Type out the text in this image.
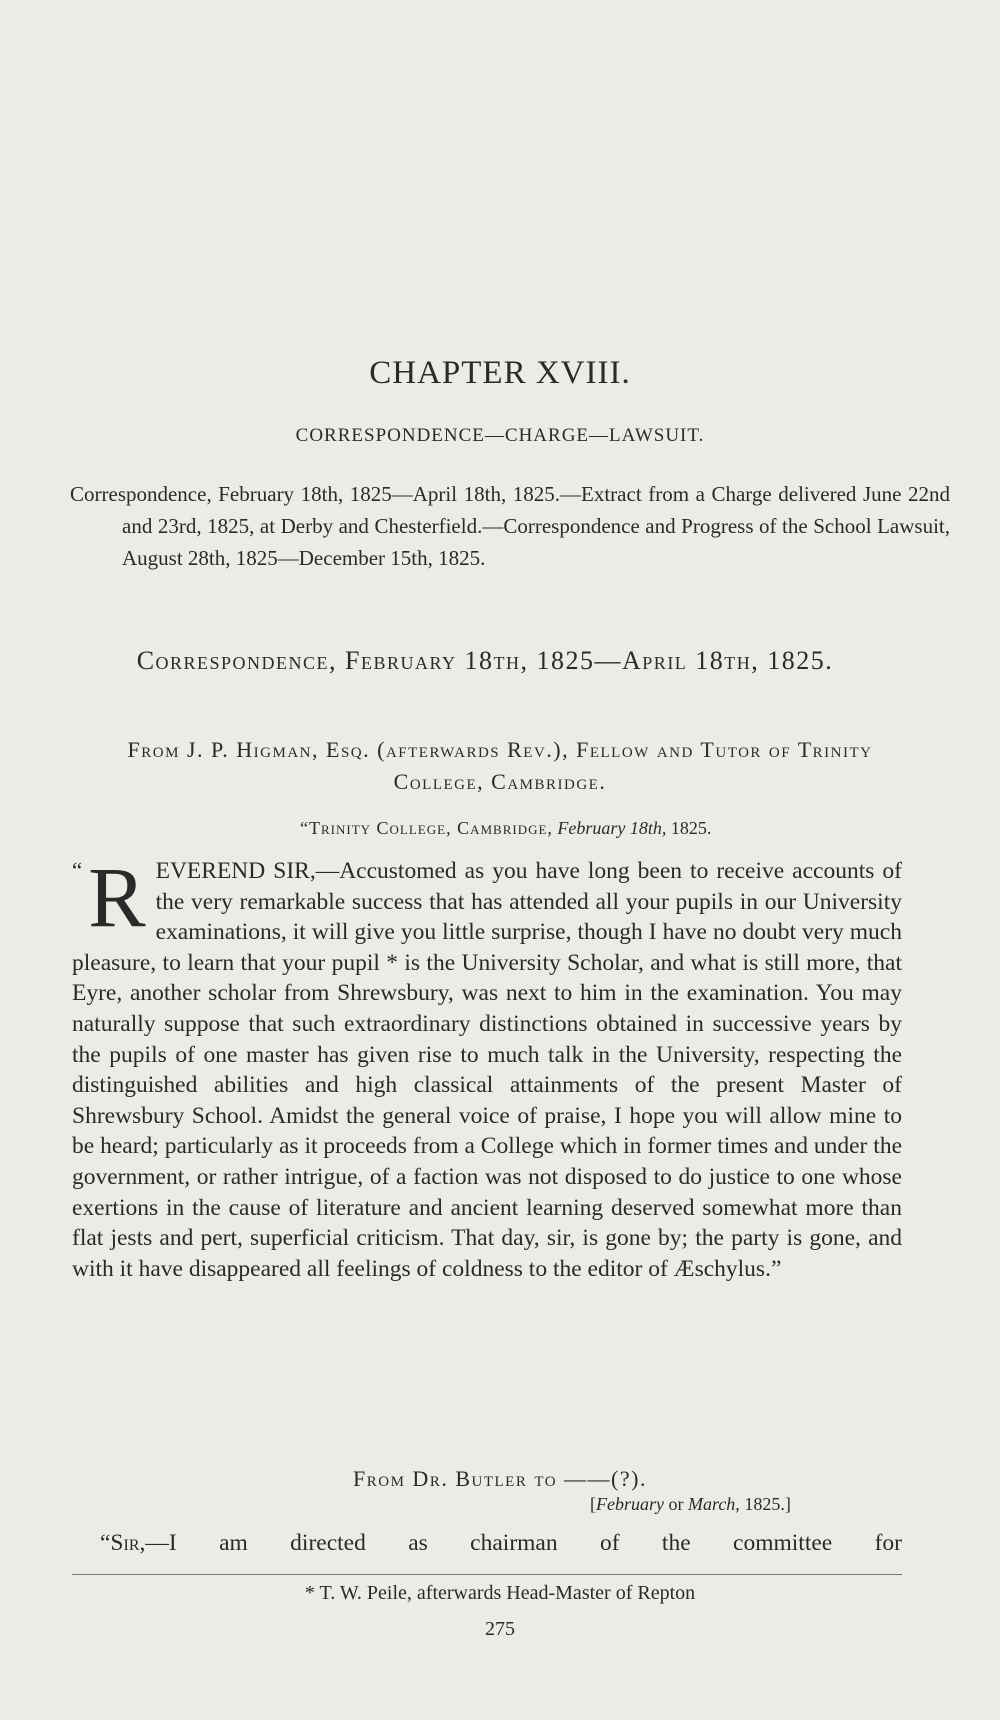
CHAPTER XVIII.
CORRESPONDENCE—CHARGE—LAWSUIT.
Correspondence, February 18th, 1825—April 18th, 1825.—Extract from a Charge delivered June 22nd and 23rd, 1825, at Derby and Chesterfield.—Correspondence and Progress of the School Lawsuit, August 28th, 1825—December 15th, 1825.
Correspondence, February 18th, 1825—April 18th, 1825.
From J. P. Higman, Esq. (afterwards Rev.), Fellow and Tutor of Trinity College, Cambridge.
“Trinity College, Cambridge, February 18th, 1825.
“ R EVEREND SIR,—Accustomed as you have long been to receive accounts of the very remarkable success that has attended all your pupils in our University examinations, it will give you little surprise, though I have no doubt very much pleasure, to learn that your pupil * is the University Scholar, and what is still more, that Eyre, another scholar from Shrewsbury, was next to him in the examination. You may naturally suppose that such extraordinary distinctions obtained in successive years by the pupils of one master has given rise to much talk in the University, respecting the distinguished abilities and high classical attainments of the present Master of Shrewsbury School. Amidst the general voice of praise, I hope you will allow mine to be heard; particularly as it proceeds from a College which in former times and under the government, or rather intrigue, of a faction was not disposed to do justice to one whose exertions in the cause of literature and ancient learning deserved somewhat more than flat jests and pert, superficial criticism. That day, sir, is gone by; the party is gone, and with it have disappeared all feelings of coldness to the editor of Æschylus.”
From Dr. Butler to ——(?).
[February or March, 1825.]
“Sir,—I am directed as chairman of the committee for
* T. W. Peile, afterwards Head-Master of Repton
275
